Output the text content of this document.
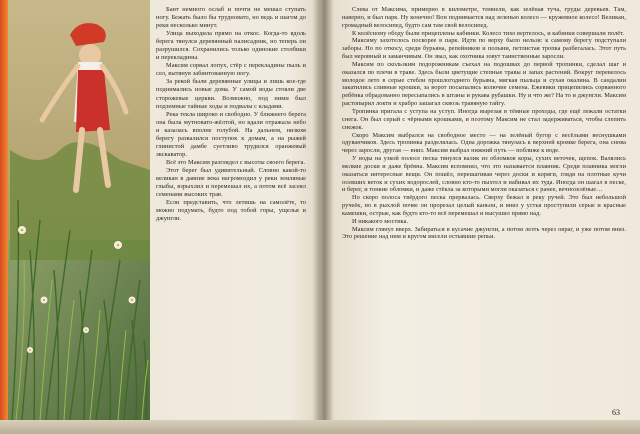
Бант немного ослаб и почти не мешал ступать ногу. Бежать было бы трудновато, но ведь и шагом до реки несколько минут.

Улица выходила прямо на откос. Когда-то вдоль берега тянулся деревянный палисадник, но теперь он разрушился. Сохранились только одинокие столбики и перекладины.

Максим сорвал лопух, стёр с перекладины пыль и сел, вытянув забинтованную ногу.

За рекой были деревянные улицы и лишь кое-где поднимались новые дома. У самой воды стояли две сторожевые церкви. Возможно, под ними был подземные тайные ходы и подвалы с кладами.

Река текла широко и свободно. У ближнего берега она была мутновато-жёлтой, но вдали отражала небо и казалась вполне голубой. На дальнем, низком берегу развалился поступок к домам, а на рыжей глинистой дамбе суетливо трудился оранжевый экскаватор.

Всё это Максим разглядел с высоты своего берега.

Этот берег был удивительный. Словно какой-то великан в давние века нагромоздил у реки земляные глыбы, взрыхлил и перемешал их, а потом всё засеял семенами высоких трав.

Если представить, что летишь на самолёте, то можно подумать, будто под тобой горы, ущелья и джунгли.

Слева от Максима, примерно в километре, темнели, как зелёная туча, груды деревьев. Там, наверно, и был парк. Ну конечно! Вон поднимается над зеленью колесо — кружевное колесо! Великан, громадный велосипед, будто сам там свой велосипед.

К колёсному ободу были прицеплены кабинки. Колесо тихо вертелось, и кабинки совершали полёт.

Максиму захотелось поскорее в парк. Идти по верху было нельзя: к самому берегу подступали заборы. Но по откосу, среди бурьяна, репейников и полыни, петлистая тропка разбегалась. Этот путь был неровный и заманчивым. Он звал, как охотника зовут таинственные заросли.

Максим по скользким подорожникам съехал на подошвах до первой тропинки, сделал шаг и оказался по плечи в траве. Здесь были цветущие степные травы и запах растений. Вокруг перевелось молодое лето в серые стебли прошлогоднего бурьяна, мягкая пыльца и сухая окалина. В сандалии закатились сливные крошки, за ворот посыпались колючие семена. Ежевики прицепились сорванного ребёнка обрадованно пересыпались в штаны и рукава рубашки. Ну и что же? На то и джунгли. Максим растопырил локти и храбро зашагал сквозь травяную тайгу.

Тропинка пригала с уступа на уступ. Иногда вырезая в тёмные проходы, где ещё лежали остатки снега. Он был серый с чёрными крошками, и поэтому Максим не стал задерживаться, чтобы слепить снежок.

Скоро Максим выбрался на свободное место — на зелёный бугор с весёлыми веснушками одуванчиков. Здесь тропинка разделялась. Одна дорожка тянулась к верхней кромке берега, она снова через заросли, другая — вниз. Максим выбрал нижний путь — поближе к воде.

У воды на узкой полосе песка тянулся валик из обломков коры, сухих веточек, щепок. Валялись мелкие доски и даже брёвна. Максим вспомнил, что это называется плавник. Среди плавника могли оказаться интересные вещи. Он пошёл, перешагивая через доски и коряги, глядя на плотные кучи осевших веток и сухих водорослей, словно кто-то пыхтел и набивал их туда. Иногда он шагал в песке, и берег, и тонкие обломки, и даже стёкла за которыми могли оказаться с ранее, вечнозелёные…

Но скоро полоса твёрдого песка прервалась. Сверху бежал в реку ручей. Это был небольшой ручеёк, но в рыхлой почве он прорезал целый каньон, и вниз у устья проступили серые и красные камешки, острые, как будто кто-то всё перемешал и высушил прямо над.

И никакого мостика.

Максим глянул вверх. Забираться в кусачие джунгли, а потом лезть через овраг, и уже потом вниз. Это решение над ним и кругом висели остывшие репьи.

63
